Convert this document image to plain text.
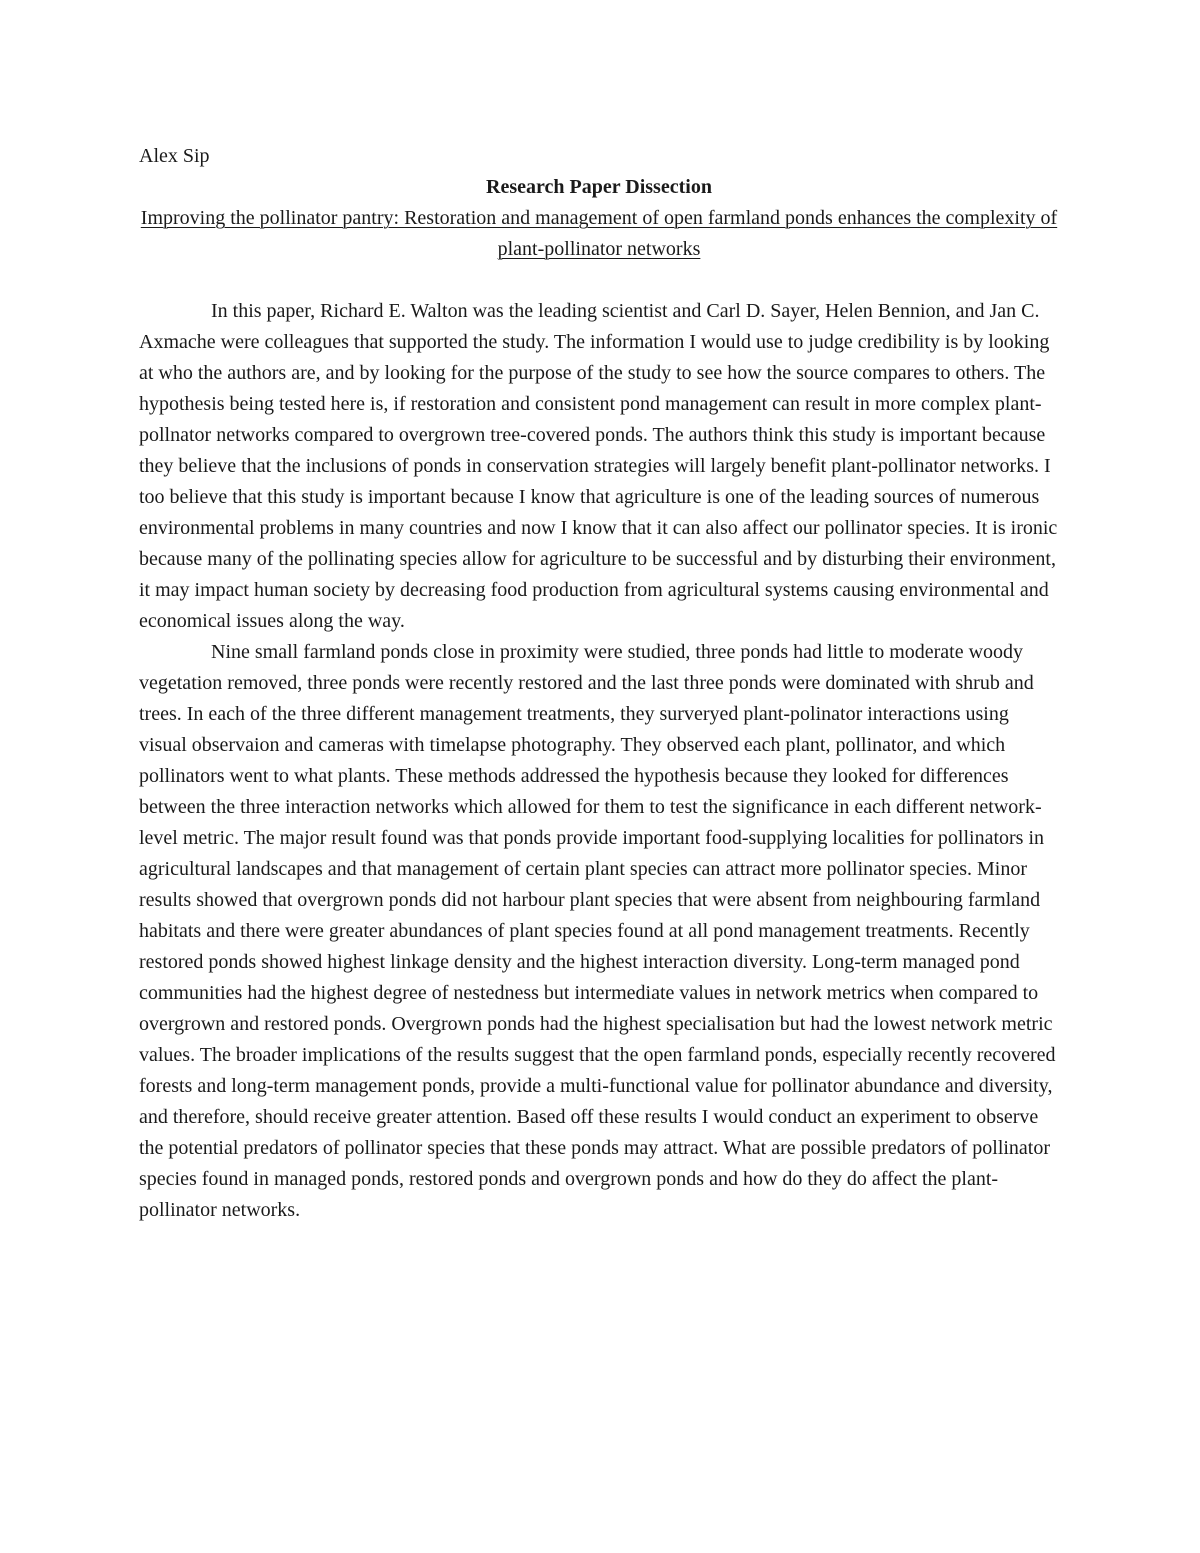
Alex Sip

Research Paper Dissection

Improving the pollinator pantry: Restoration and management of open farmland ponds enhances the complexity of plant-pollinator networks

In this paper, Richard E. Walton was the leading scientist and Carl D. Sayer, Helen Bennion, and Jan C. Axmache were colleagues that supported the study. The information I would use to judge credibility is by looking at who the authors are, and by looking for the purpose of the study to see how the source compares to others. The hypothesis being tested here is, if restoration and consistent pond management can result in more complex plant-pollnator networks compared to overgrown tree-covered ponds. The authors think this study is important because they believe that the inclusions of ponds in conservation strategies will largely benefit plant-pollinator networks. I too believe that this study is important because I know that agriculture is one of the leading sources of numerous environmental problems in many countries and now I know that it can also affect our pollinator species. It is ironic because many of the pollinating species allow for agriculture to be successful and by disturbing their environment, it may impact human society by decreasing food production from agricultural systems causing environmental and economical issues along the way.

Nine small farmland ponds close in proximity were studied, three ponds had little to moderate woody vegetation removed, three ponds were recently restored and the last three ponds were dominated with shrub and trees. In each of the three different management treatments, they surveryed plant-polinator interactions using visual observaion and cameras with timelapse photography. They observed each plant, pollinator, and which pollinators went to what plants. These methods addressed the hypothesis because they looked for differences between the three interaction networks which allowed for them to test the significance in each different network-level metric. The major result found was that ponds provide important food-supplying localities for pollinators in agricultural landscapes and that management of certain plant species can attract more pollinator species. Minor results showed that overgrown ponds did not harbour plant species that were absent from neighbouring farmland habitats and there were greater abundances of plant species found at all pond management treatments. Recently restored ponds showed highest linkage density and the highest interaction diversity. Long-term managed pond communities had the highest degree of nestedness but intermediate values in network metrics when compared to overgrown and restored ponds. Overgrown ponds had the highest specialisation but had the lowest network metric values. The broader implications of the results suggest that the open farmland ponds, especially recently recovered forests and long-term management ponds, provide a multi-functional value for pollinator abundance and diversity, and therefore, should receive greater attention. Based off these results I would conduct an experiment to observe the potential predators of pollinator species that these ponds may attract. What are possible predators of pollinator species found in managed ponds, restored ponds and overgrown ponds and how do they do affect the plant-pollinator networks.
